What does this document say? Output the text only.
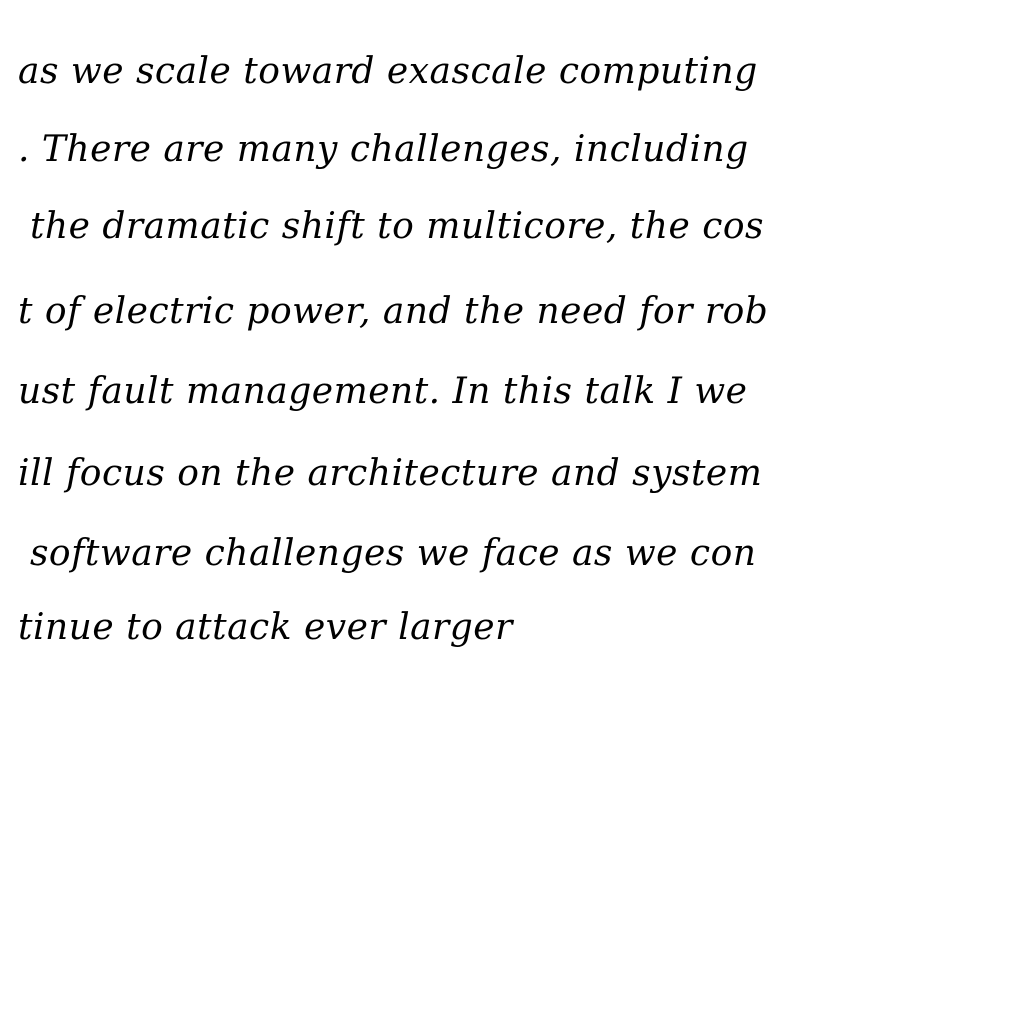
as we scale toward exascale computing
. There are many challenges, including
the dramatic shift to multicore, the cos
t of electric power, and the need for rob
ust fault management. In this talk I we
ill focus on the architecture and system
software challenges we face as we con
tinue to attack ever larger
